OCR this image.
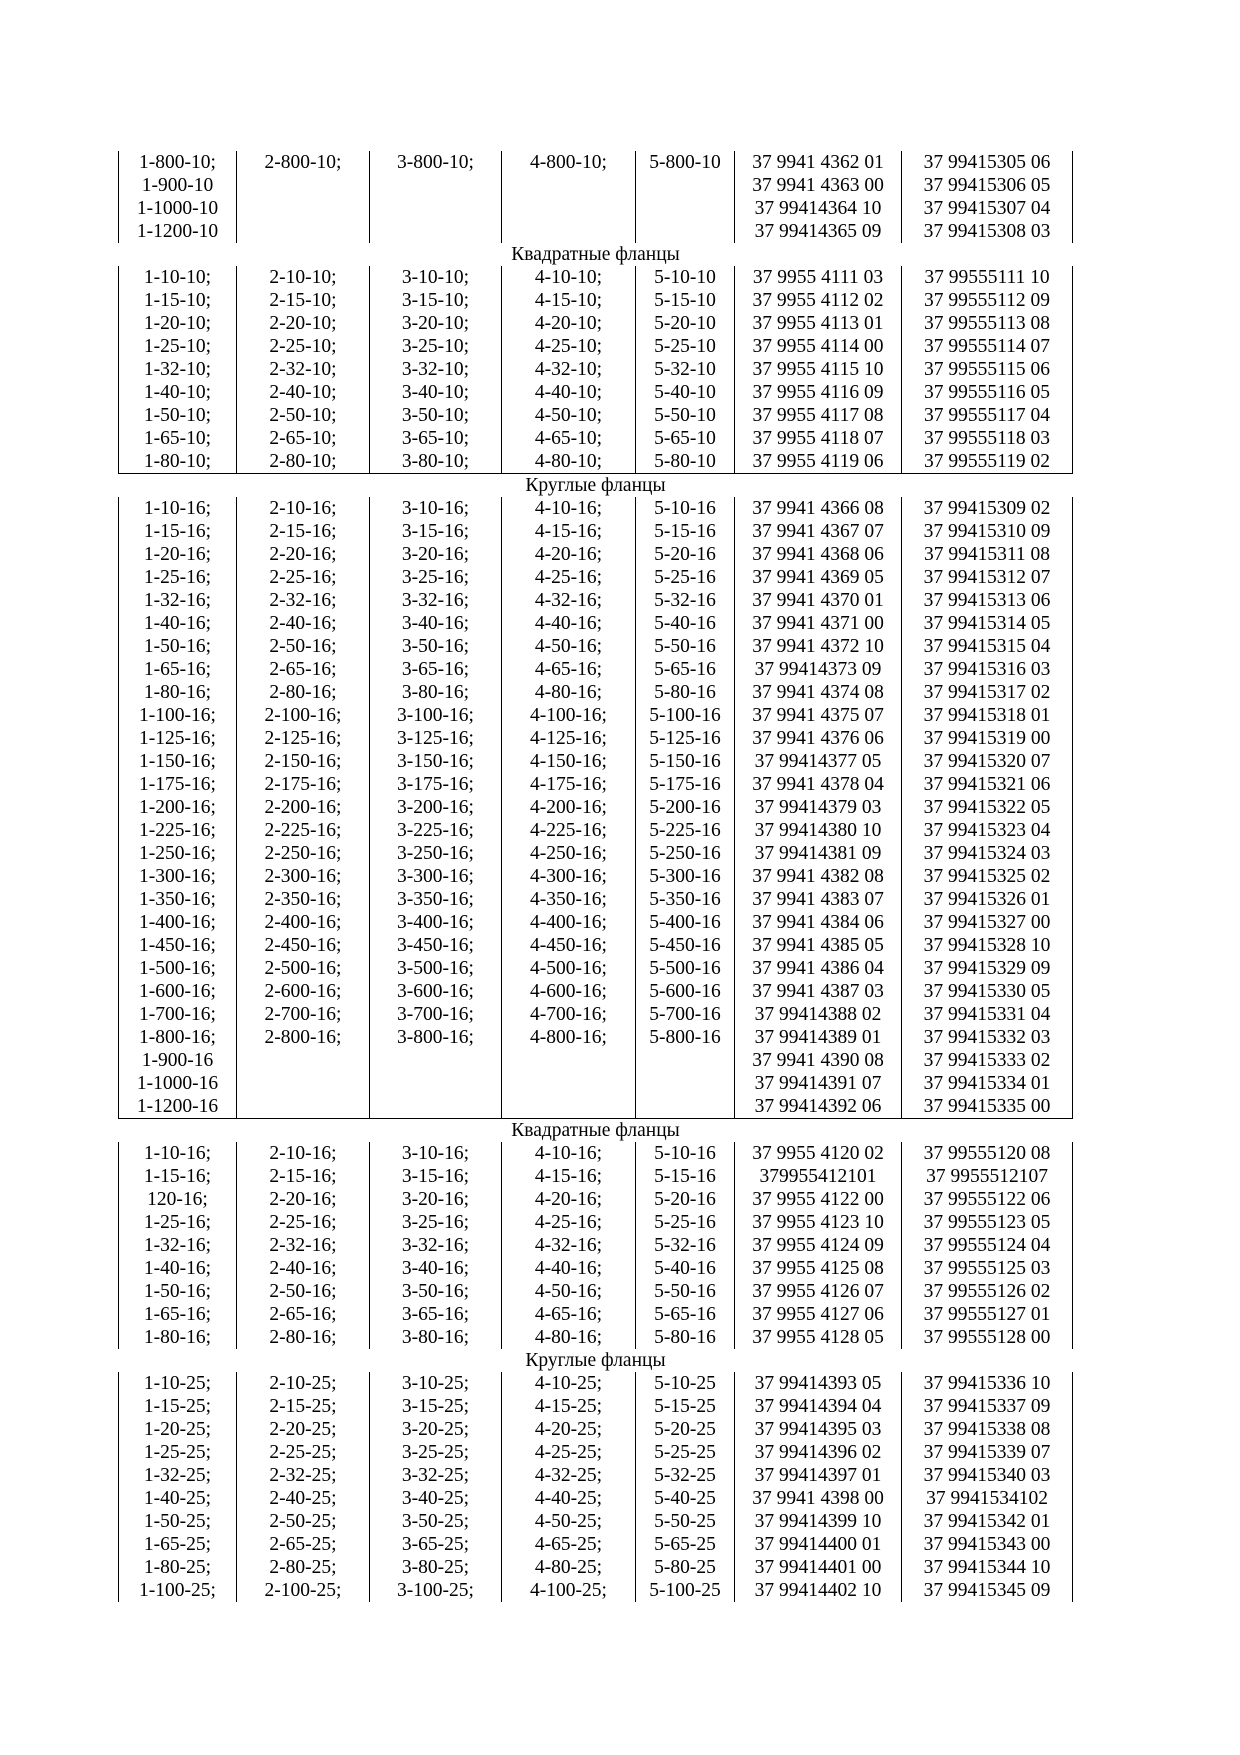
1-800-10;	2-800-10;	3-800-10;	4-800-10;	5-800-10	37 9941 4362 01	37 99415305 06
1-900-10					37 9941 4363 00	37 99415306 05
1-1000-10					37 99414364 10	37 99415307 04
1-1200-10					37 99414365 09	37 99415308 03
Квадратные фланцы						
1-10-10;	2-10-10;	3-10-10;	4-10-10;	5-10-10	37 9955 4111 03	37 99555111 10
1-15-10;	2-15-10;	3-15-10;	4-15-10;	5-15-10	37 9955 4112 02	37 99555112 09
1-20-10;	2-20-10;	3-20-10;	4-20-10;	5-20-10	37 9955 4113 01	37 99555113 08
1-25-10;	2-25-10;	3-25-10;	4-25-10;	5-25-10	37 9955 4114 00	37 99555114 07
1-32-10;	2-32-10;	3-32-10;	4-32-10;	5-32-10	37 9955 4115 10	37 99555115 06
1-40-10;	2-40-10;	3-40-10;	4-40-10;	5-40-10	37 9955 4116 09	37 99555116 05
1-50-10;	2-50-10;	3-50-10;	4-50-10;	5-50-10	37 9955 4117 08	37 99555117 04
1-65-10;	2-65-10;	3-65-10;	4-65-10;	5-65-10	37 9955 4118 07	37 99555118 03
1-80-10;	2-80-10;	3-80-10;	4-80-10;	5-80-10	37 9955 4119 06	37 99555119 02
Круглые фланцы						
1-10-16;	2-10-16;	3-10-16;	4-10-16;	5-10-16	37 9941 4366 08	37 99415309 02
1-15-16;	2-15-16;	3-15-16;	4-15-16;	5-15-16	37 9941 4367 07	37 99415310 09
1-20-16;	2-20-16;	3-20-16;	4-20-16;	5-20-16	37 9941 4368 06	37 99415311 08
1-25-16;	2-25-16;	3-25-16;	4-25-16;	5-25-16	37 9941 4369 05	37 99415312 07
1-32-16;	2-32-16;	3-32-16;	4-32-16;	5-32-16	37 9941 4370 01	37 99415313 06
1-40-16;	2-40-16;	3-40-16;	4-40-16;	5-40-16	37 9941 4371 00	37 99415314 05
1-50-16;	2-50-16;	3-50-16;	4-50-16;	5-50-16	37 9941 4372 10	37 99415315 04
1-65-16;	2-65-16;	3-65-16;	4-65-16;	5-65-16	37 99414373 09	37 99415316 03
1-80-16;	2-80-16;	3-80-16;	4-80-16;	5-80-16	37 9941 4374 08	37 99415317 02
1-100-16;	2-100-16;	3-100-16;	4-100-16;	5-100-16	37 9941 4375 07	37 99415318 01
1-125-16;	2-125-16;	3-125-16;	4-125-16;	5-125-16	37 9941 4376 06	37 99415319 00
1-150-16;	2-150-16;	3-150-16;	4-150-16;	5-150-16	37 99414377 05	37 99415320 07
1-175-16;	2-175-16;	3-175-16;	4-175-16;	5-175-16	37 9941 4378 04	37 99415321 06
1-200-16;	2-200-16;	3-200-16;	4-200-16;	5-200-16	37 99414379 03	37 99415322 05
1-225-16;	2-225-16;	3-225-16;	4-225-16;	5-225-16	37 99414380 10	37 99415323 04
1-250-16;	2-250-16;	3-250-16;	4-250-16;	5-250-16	37 99414381 09	37 99415324 03
1-300-16;	2-300-16;	3-300-16;	4-300-16;	5-300-16	37 9941 4382 08	37 99415325 02
1-350-16;	2-350-16;	3-350-16;	4-350-16;	5-350-16	37 9941 4383 07	37 99415326 01
1-400-16;	2-400-16;	3-400-16;	4-400-16;	5-400-16	37 9941 4384 06	37 99415327 00
1-450-16;	2-450-16;	3-450-16;	4-450-16;	5-450-16	37 9941 4385 05	37 99415328 10
1-500-16;	2-500-16;	3-500-16;	4-500-16;	5-500-16	37 9941 4386 04	37 99415329 09
1-600-16;	2-600-16;	3-600-16;	4-600-16;	5-600-16	37 9941 4387 03	37 99415330 05
1-700-16;	2-700-16;	3-700-16;	4-700-16;	5-700-16	37 99414388 02	37 99415331 04
1-800-16;	2-800-16;	3-800-16;	4-800-16;	5-800-16	37 99414389 01	37 99415332 03
1-900-16					37 9941 4390 08	37 99415333 02
1-1000-16					37 99414391 07	37 99415334 01
1-1200-16					37 99414392 06	37 99415335 00
Квадратные фланцы						
1-10-16;	2-10-16;	3-10-16;	4-10-16;	5-10-16	37 9955 4120 02	37 99555120 08
1-15-16;	2-15-16;	3-15-16;	4-15-16;	5-15-16	379955412101	37 9955512107
120-16;	2-20-16;	3-20-16;	4-20-16;	5-20-16	37 9955 4122 00	37 99555122 06
1-25-16;	2-25-16;	3-25-16;	4-25-16;	5-25-16	37 9955 4123 10	37 99555123 05
1-32-16;	2-32-16;	3-32-16;	4-32-16;	5-32-16	37 9955 4124 09	37 99555124 04
1-40-16;	2-40-16;	3-40-16;	4-40-16;	5-40-16	37 9955 4125 08	37 99555125 03
1-50-16;	2-50-16;	3-50-16;	4-50-16;	5-50-16	37 9955 4126 07	37 99555126 02
1-65-16;	2-65-16;	3-65-16;	4-65-16;	5-65-16	37 9955 4127 06	37 99555127 01
1-80-16;	2-80-16;	3-80-16;	4-80-16;	5-80-16	37 9955 4128 05	37 99555128 00
Круглые фланцы						
1-10-25;	2-10-25;	3-10-25;	4-10-25;	5-10-25	37 99414393 05	37 99415336 10
1-15-25;	2-15-25;	3-15-25;	4-15-25;	5-15-25	37 99414394 04	37 99415337 09
1-20-25;	2-20-25;	3-20-25;	4-20-25;	5-20-25	37 99414395 03	37 99415338 08
1-25-25;	2-25-25;	3-25-25;	4-25-25;	5-25-25	37 99414396 02	37 99415339 07
1-32-25;	2-32-25;	3-32-25;	4-32-25;	5-32-25	37 99414397 01	37 99415340 03
1-40-25;	2-40-25;	3-40-25;	4-40-25;	5-40-25	37 9941 4398 00	37 9941534102
1-50-25;	2-50-25;	3-50-25;	4-50-25;	5-50-25	37 99414399 10	37 99415342 01
1-65-25;	2-65-25;	3-65-25;	4-65-25;	5-65-25	37 99414400 01	37 99415343 00
1-80-25;	2-80-25;	3-80-25;	4-80-25;	5-80-25	37 99414401 00	37 99415344 10
1-100-25;	2-100-25;	3-100-25;	4-100-25;	5-100-25	37 99414402 10	37 99415345 09
